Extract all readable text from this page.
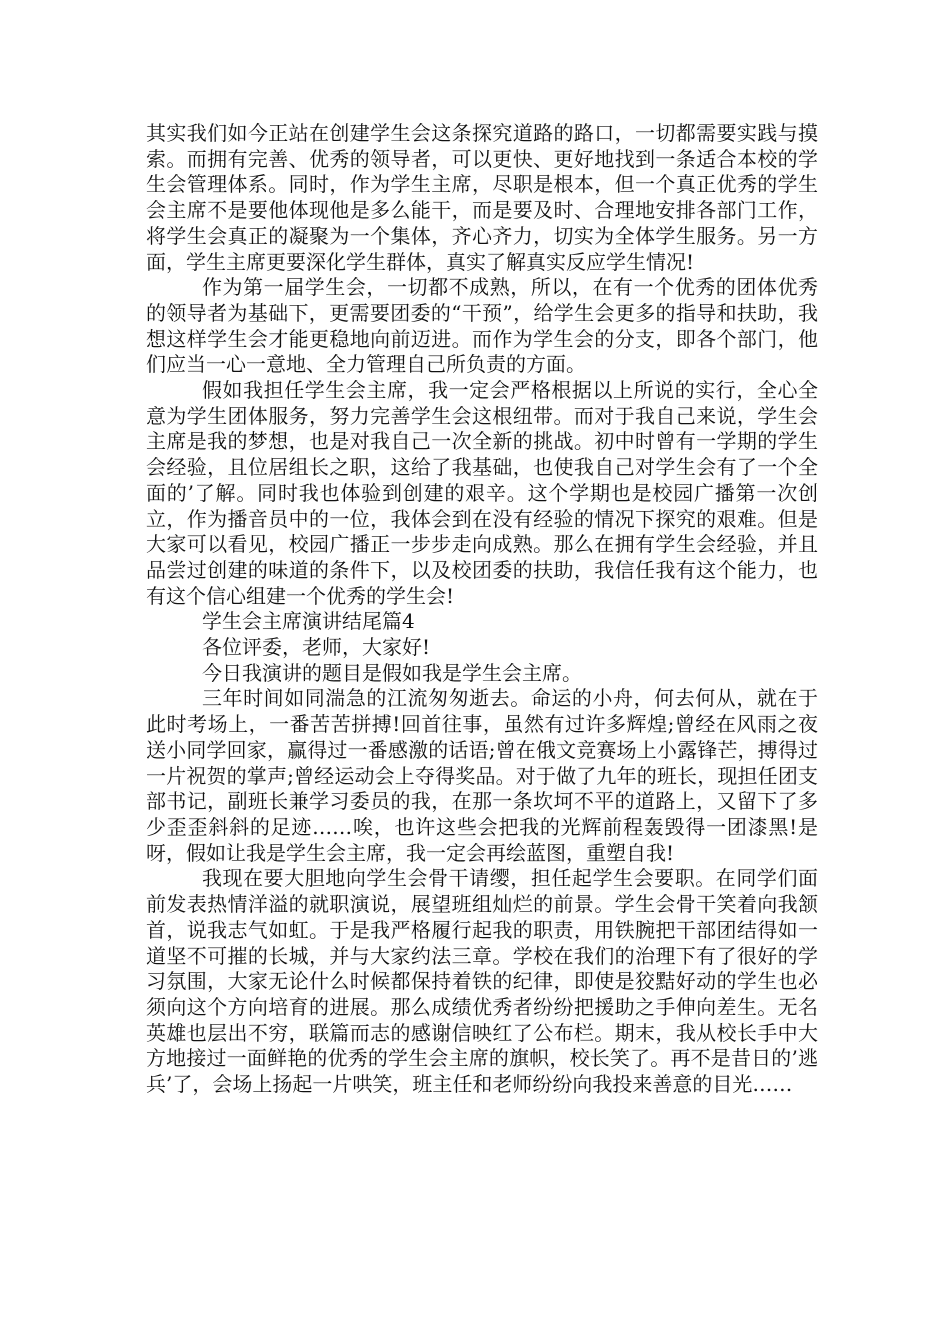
其实我们如今正站在创建学生会这条探究道路的路口，一切都需要实践与摸索。而拥有完善、优秀的领导者，可以更快、更好地找到一条适合本校的学生会管理体系。同时，作为学生主席，尽职是根本，但一个真正优秀的学生会主席不是要他体现他是多么能干，而是要及时、合理地安排各部门工作，将学生会真正的凝聚为一个集体，齐心齐力，切实为全体学生服务。另一方面，学生主席更要深化学生群体，真实了解真实反应学生情况!

作为第一届学生会，一切都不成熟，所以，在有一个优秀的团体优秀的领导者为基础下，更需要团委的“干预”，给学生会更多的指导和扶助，我想这样学生会才能更稳地向前迈进。而作为学生会的分支，即各个部门，他们应当一心一意地、全力管理自己所负责的方面。

假如我担任学生会主席，我一定会严格根据以上所说的实行，全心全意为学生团体服务，努力完善学生会这根纽带。而对于我自己来说，学生会主席是我的梦想，也是对我自己一次全新的挑战。初中时曾有一学期的学生会经验，且位居组长之职，这给了我基础，也使我自己对学生会有了一个全面的’了解。同时我也体验到创建的艰辛。这个学期也是校园广播第一次创立，作为播音员中的一位，我体会到在没有经验的情况下探究的艰难。但是大家可以看见，校园广播正一步步走向成熟。那么在拥有学生会经验，并且品尝过创建的味道的条件下，以及校团委的扶助，我信任我有这个能力，也有这个信心组建一个优秀的学生会!

学生会主席演讲结尾篇4

各位评委，老师，大家好!

今日我演讲的题目是假如我是学生会主席。

三年时间如同湍急的江流匆匆逝去。命运的小舟，何去何从，就在于此时考场上，一番苦苦拼搏!回首往事，虽然有过许多辉煌;曾经在风雨之夜送小同学回家，赢得过一番感激的话语;曾在俄文竞赛场上小露锋芒，搏得过一片祝贺的掌声;曾经运动会上夺得奖品。对于做了九年的班长，现担任团支部书记，副班长兼学习委员的我，在那一条坎坷不平的道路上，又留下了多少歪歪斜斜的足迹……唉，也许这些会把我的光辉前程轰毁得一团漆黑!是呀，假如让我是学生会主席，我一定会再绘蓝图，重塑自我!

我现在要大胆地向学生会骨干请缨，担任起学生会要职。在同学们面前发表热情洋溢的就职演说，展望班组灿烂的前景。学生会骨干笑着向我颔首，说我志气如虹。于是我严格履行起我的职责，用铁腕把干部团结得如一道坚不可摧的长城，并与大家约法三章。学校在我们的治理下有了很好的学习氛围，大家无论什么时候都保持着铁的纪律，即使是狡黠好动的学生也必须向这个方向培育的进展。那么成绩优秀者纷纷把援助之手伸向差生。无名英雄也层出不穷，联篇而志的感谢信映红了公布栏。期末，我从校长手中大方地接过一面鲜艳的优秀的学生会主席的旗帜，校长笑了。再不是昔日的’逃兵’了，会场上扬起一片哄笑，班主任和老师纷纷向我投来善意的目光……
